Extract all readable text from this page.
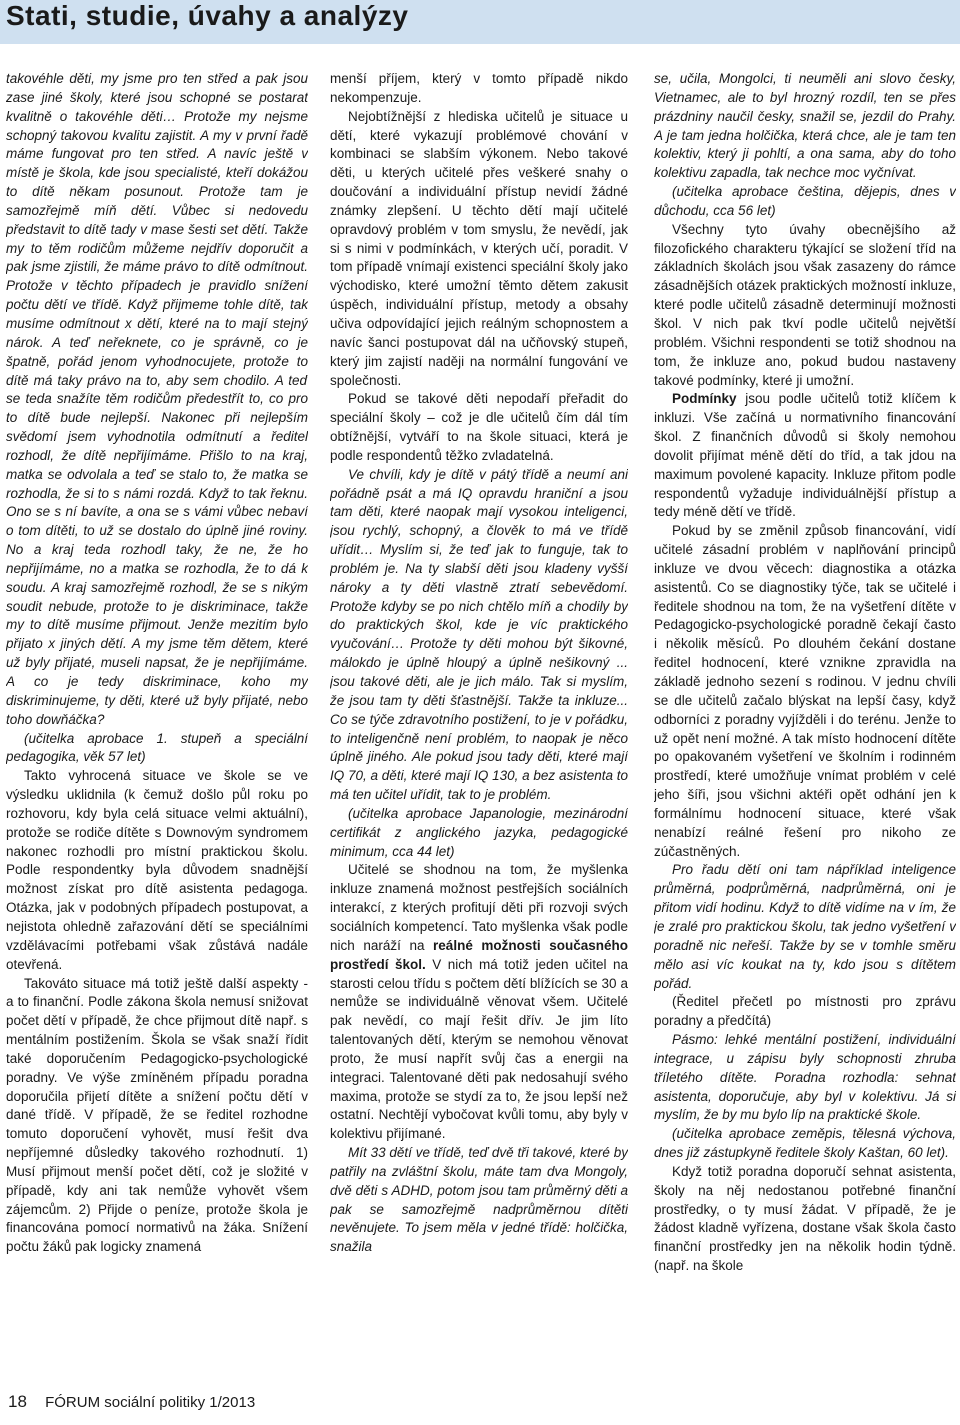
Stati, studie, úvahy a analýzy

takovéhle děti, my jsme pro ten střed a pak jsou zase jiné školy, které jsou schopné se postarat kvalitně o takovéhle děti… Protože my nejsme schopný takovou kvalitu zajistit. A my v první řadě máme fungovat pro ten střed. A navíc ještě v místě je škola, kde jsou specialisté, kteří dokážou to dítě někam posunout. Protože tam je samozřejmě míň dětí. Vůbec si nedovedu představit to dítě tady v mase šesti set dětí. Takže my to těm rodičům můžeme nejdřív doporučit a pak jsme zjistili, že máme právo to dítě odmítnout. Protože v těchto případech je pravidlo snížení počtu dětí ve třídě. Když přijmeme tohle dítě, tak musíme odmítnout x dětí, které na to mají stejný nárok. A teď neřeknete, co je správně, co je špatně, pořád jenom vyhodnocujete, protože to dítě má taky právo na to, aby sem chodilo. A teď se teda snažíte těm rodičům předestřít to, co pro to dítě bude nejlepší. Nakonec při nejlepším svědomí jsem vyhodnotila odmítnutí a ředitel rozhodl, že dítě nepřijímáme. Přišlo to na kraj, matka se odvolala a teď se stalo to, že matka se rozhodla, že si to s námi rozdá. Když to tak řeknu. Ono se s ní bavíte, a ona se s vámi vůbec nebaví o tom dítěti, to už se dostalo do úplně jiné roviny. No a kraj teda rozhodl taky, že ne, že ho nepřijímáme, no a matka se rozhodla, že to dá k soudu. A kraj samozřejmě rozhodl, že se s nikým soudit nebude, protože to je diskriminace, takže my to dítě musíme přijmout. Jenže mezitím bylo přijato x jiných dětí. A my jsme těm dětem, které už byly přijaté, museli napsat, že je nepřijímáme. A co je tedy diskriminace, koho my diskriminujeme, ty děti, které už byly přijaté, nebo toho dowňáčka?

(učitelka aprobace 1. stupeň a speciální pedagogika, věk 57 let)

Takto vyhrocená situace ve škole se ve výsledku uklidnila (k čemuž došlo půl roku po rozhovoru, kdy byla celá situace velmi aktuální), protože se rodiče dítěte s Downovým syndromem nakonec rozhodli pro místní praktickou školu. Podle respondentky byla důvodem snadnější možnost získat pro dítě asistenta pedagoga. Otázka, jak v podobných případech postupovat, a nejistota ohledně zařazování dětí se speciálními vzdělávacími potřebami však zůstává nadále otevřená.

Takováto situace má totiž ještě další aspekty - a to finanční. Podle zákona škola nemusí snižovat počet dětí v případě, že chce přijmout dítě např. s mentálním postižením. Škola se však snaží řídit také doporučením Pedagogicko-psychologické poradny. Ve výše zmíněném případu poradna doporučila přijetí dítěte a snížení počtu dětí v dané třídě. V případě, že se ředitel rozhodne tomuto doporučení vyhovět, musí řešit dva nepříjemné důsledky takového rozhodnutí. 1) Musí přijmout menší počet dětí, což je složité v případě, kdy ani tak nemůže vyhovět všem zájemcům. 2) Přijde o peníze, protože škola je financována pomocí normativů na žáka. Snížení počtu žáků pak logicky znamená

menší příjem, který v tomto případě nikdo nekompenzuje.

Nejobtížnější z hlediska učitelů je situace u dětí, které vykazují problémové chování v kombinaci se slabším výkonem. Nebo takové děti, u kterých učitelé přes veškeré snahy o doučování a individuální přístup nevidí žádné známky zlepšení. U těchto dětí mají učitelé opravdový problém v tom smyslu, že nevědí, jak si s nimi v podmínkách, v kterých učí, poradit. V tom případě vnímají existenci speciální školy jako východisko, které umožní těmto dětem zakusit úspěch, individuální přístup, metody a obsahy učiva odpovídající jejich reálným schopnostem a navíc šanci postupovat dál na učňovský stupeň, který jim zajistí naději na normální fungování ve společnosti.

Pokud se takové děti nepodaří přeřadit do speciální školy – což je dle učitelů čím dál tím obtížnější, vytváří to na škole situaci, která je podle respondentů těžko zvladatelná.

Ve chvíli, kdy je dítě v pátý třídě a neumí ani pořádně psát a má IQ opravdu hraniční a jsou tam děti, které naopak mají vysokou inteligenci, jsou rychlý, schopný, a člověk to má ve třídě uřídit… Myslím si, že teď jak to funguje, tak to problém je. Na ty slabší děti jsou kladeny vyšší nároky a ty děti vlastně ztratí sebevědomí. Protože kdyby se po nich chtělo míň a chodily by do praktických škol, kde je víc praktického vyučování… Protože ty děti mohou být šikovné, málokdo je úplně hloupý a úplně nešikovný ... jsou takové děti, ale je jich málo. Tak si myslím, že jsou tam ty děti šťastnější. Takže ta inkluze... Co se týče zdravotního postižení, to je v pořádku, to inteligenčně není problém, to naopak je něco úplně jiného. Ale pokud jsou tady děti, které mají IQ 70, a děti, které mají IQ 130, a bez asistenta to má ten učitel uřídit, tak to je problém.

(učitelka aprobace Japanologie, mezinárodní certifikát z anglického jazyka, pedagogické minimum, cca 44 let)

Učitelé se shodnou na tom, že myšlenka inkluze znamená možnost pestřejších sociálních interakcí, z kterých profitují děti při rozvoji svých sociálních kompetencí. Tato myšlenka však podle nich naráží na reálné možnosti současného prostředí škol. V nich má totiž jeden učitel na starosti celou třídu s počtem dětí blížících se 30 a nemůže se individuálně věnovat všem. Učitelé pak nevědí, co mají řešit dřív. Je jim líto talentovaných dětí, kterým se nemohou věnovat proto, že musí napřít svůj čas a energii na integraci. Talentované děti pak nedosahují svého maxima, protože se stydí za to, že jsou lepší než ostatní. Nechtějí vybočovat kvůli tomu, aby byly v kolektivu přijímané.

Mít 33 dětí ve třídě, teď dvě tři takové, které by patřily na zvláštní školu, máte tam dva Mongoly, dvě děti s ADHD, potom jsou tam průměrný děti a pak se samozřejmě nadprůměrnou dítěti nevěnujete. To jsem měla v jedné třídě: holčička, snažila

se, učila, Mongolci, ti neuměli ani slovo česky, Vietnamec, ale to byl hrozný rozdíl, ten se přes prázdniny naučil česky, snažil se, jezdil do Prahy. A je tam jedna holčička, která chce, ale je tam ten kolektiv, který ji pohltí, a ona sama, aby do toho kolektivu zapadla, tak nechce moc vyčnívat.

(učitelka aprobace čeština, dějepis, dnes v důchodu, cca 56 let)

Všechny tyto úvahy obecnějšího až filozofického charakteru týkající se složení tříd na základních školách jsou však zasazeny do rámce zásadnějších otázek praktických možností inkluze, které podle učitelů zásadně determinují možnosti škol. V nich pak tkví podle učitelů největší problém. Všichni respondenti se totiž shodnou na tom, že inkluze ano, pokud budou nastaveny takové podmínky, které ji umožní.

Podmínky jsou podle učitelů totiž klíčem k inkluzi. Vše začíná u normativního financování škol. Z finančních důvodů si školy nemohou dovolit přijímat méně dětí do tříd, a tak jdou na maximum povolené kapacity. Inkluze přitom podle respondentů vyžaduje individuálnější přístup a tedy méně dětí ve třídě.

Pokud by se změnil způsob financování, vidí učitelé zásadní problém v naplňování principů inkluze ve dvou věcech: diagnostika a otázka asistentů. Co se diagnostiky týče, tak se učitelé i ředitele shodnou na tom, že na vyšetření dítěte v Pedagogicko-psychologické poradně čekají často i několik měsíců. Po dlouhém čekání dostane ředitel hodnocení, které vznikne zpravidla na základě jednoho sezení s rodinou. V jednu chvíli se dle učitelů začalo blýskat na lepší časy, když odborníci z poradny vyjížděli i do terénu. Jenže to už opět není možné. A tak místo hodnocení dítěte po opakovaném vyšetření ve školním i rodinném prostředí, které umožňuje vnímat problém v celé jeho šíři, jsou všichni aktéři opět odhání jen k formálnímu hodnocení situace, které však nenabízí reálné řešení pro nikoho ze zúčastněných.

Pro řadu dětí oni tam nápříklad inteligence průměrná, podprůměrná, nadprůměrná, oni je přitom vidí hodinu. Když to dítě vidíme na v ím, že je zralé pro praktickou školu, tak jedno vyšetření v poradně nic neřeší. Takže by se v tomhle směru mělo asi víc koukat na ty, kdo jsou s dítětem pořád.

(Ředitel přečetl po místnosti pro zprávu poradny a předčítá)

Pásmo: lehké mentální postižení, individuální integrace, u zápisu byly schopnosti zhruba tříletého dítěte. Poradna rozhodla: sehnat asistenta, doporučuje, aby byl v kolektivu. Já si myslím, že by mu bylo líp na praktické škole.

(učitelka aprobace zeměpis, tělesná výchova, dnes již zástupkyně ředitele školy Kaštan, 60 let).

Když totiž poradna doporučí sehnat asistenta, školy na něj nedostanou potřebné finanční prostředky, o ty musí žádat. V případě, že je žádost kladně vyřízena, dostane však škola často finanční prostředky jen na několik hodin týdně. (např. na škole

18 FÓRUM sociální politiky 1/2013
